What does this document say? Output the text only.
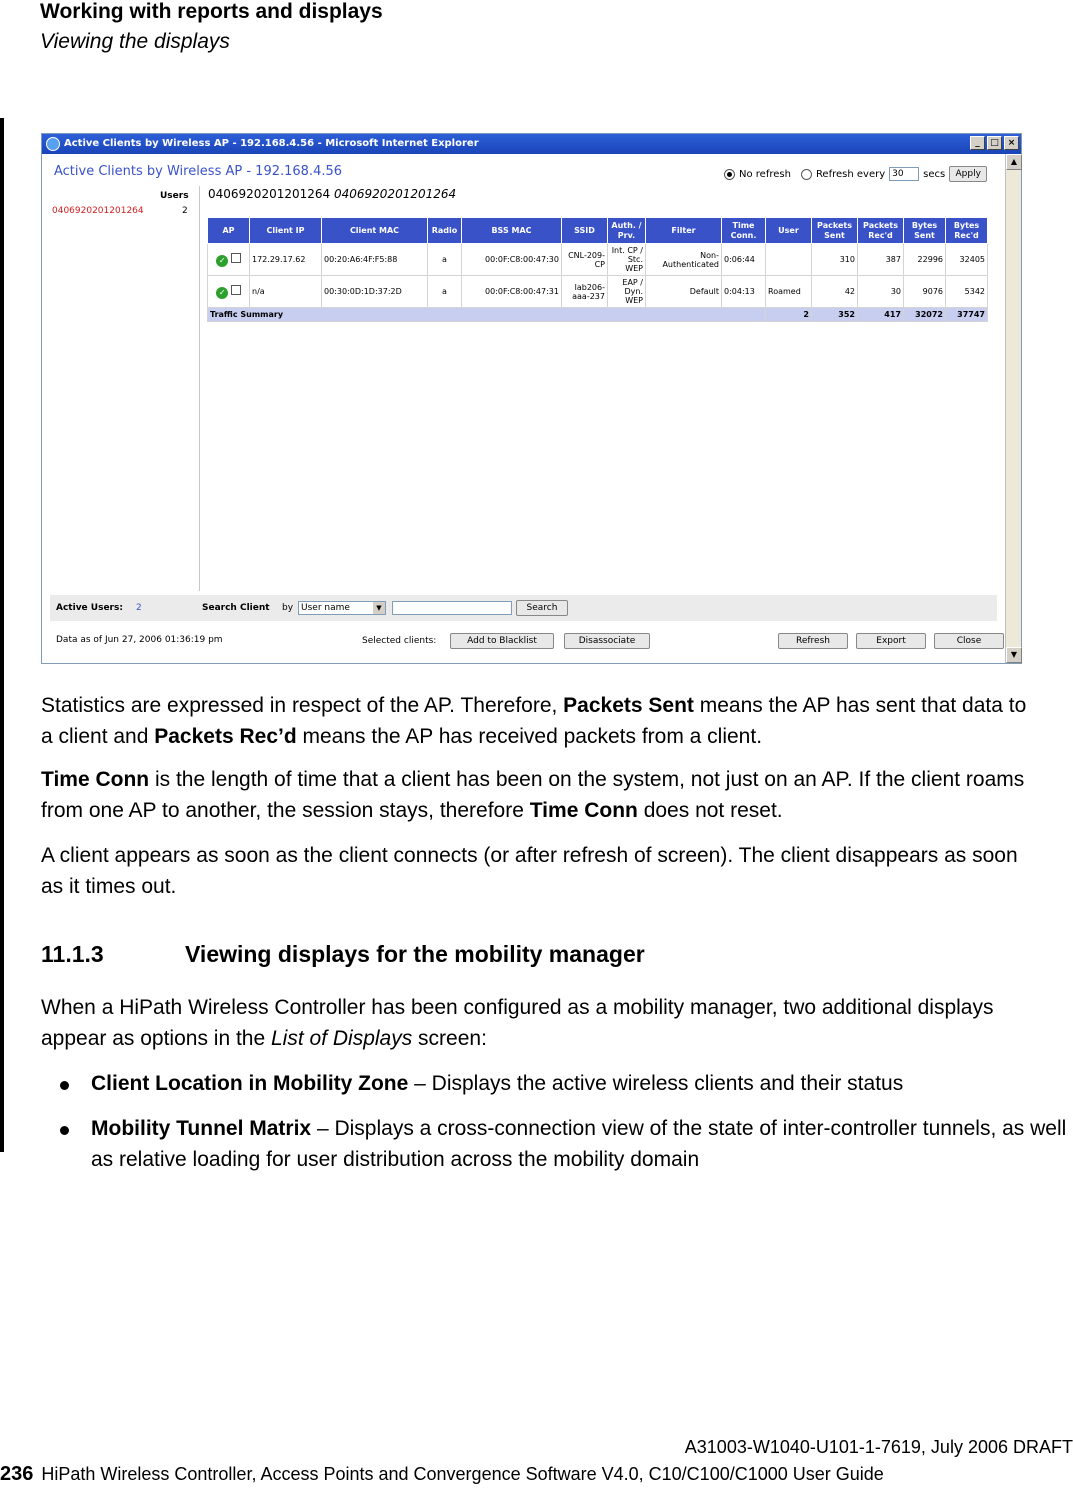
Working with reports and displays
Viewing the displays
Active Clients by Wireless AP - 192.168.4.56 - Microsoft Internet Explorer	_	□ ×
▲
▼
Active Clients by Wireless AP - 192.168.4.56	No refresh	Refresh every 30	secs	Apply
Users
0406920201201264	2
0406920201201264 0406920201201264
AP	Client IP	Client MAC	Radio	BSS MAC	SSID	Auth. / Prv.	Filter	Time Conn.	User	Packets Sent	Packets Rec'd	Bytes Sent	Bytes Rec'd
✓	172.29.17.62	00:20:A6:4F:F5:88	a	00:0F:C8:00:47:30	CNL-209-CP	Int. CP / Stc. WEP	Non-Authenticated	0:06:44		310	387	22996	32405
✓	n/a	00:30:0D:1D:37:2D	a	00:0F:C8:00:47:31	lab206-aaa-237	EAP / Dyn. WEP	Default	0:04:13	Roamed	42	30	9076	5342
Traffic Summary									2	352	417	32072	37747
Active Users: 2	Search Client by User name	▼	Search
Data as of Jun 27, 2006 01:36:19 pm	Selected clients:	Add to Blacklist	Disassociate	Refresh	Export	Close
Statistics are expressed in respect of the AP. Therefore, Packets Sent means the AP has sent that data to a client and Packets Rec’d means the AP has received packets from a client.
Time Conn is the length of time that a client has been on the system, not just on an AP. If the client roams from one AP to another, the session stays, therefore Time Conn does not reset.
A client appears as soon as the client connects (or after refresh of screen). The client disappears as soon as it times out.
11.1.3	Viewing displays for the mobility manager
When a HiPath Wireless Controller has been configured as a mobility manager, two additional displays appear as options in the List of Displays screen:
Client Location in Mobility Zone – Displays the active wireless clients and their status
Mobility Tunnel Matrix – Displays a cross-connection view of the state of inter-controller tunnels, as well as relative loading for user distribution across the mobility domain
A31003-W1040-U101-1-7619, July 2006 DRAFT
236 HiPath Wireless Controller, Access Points and Convergence Software V4.0, C10/C100/C1000 User Guide
